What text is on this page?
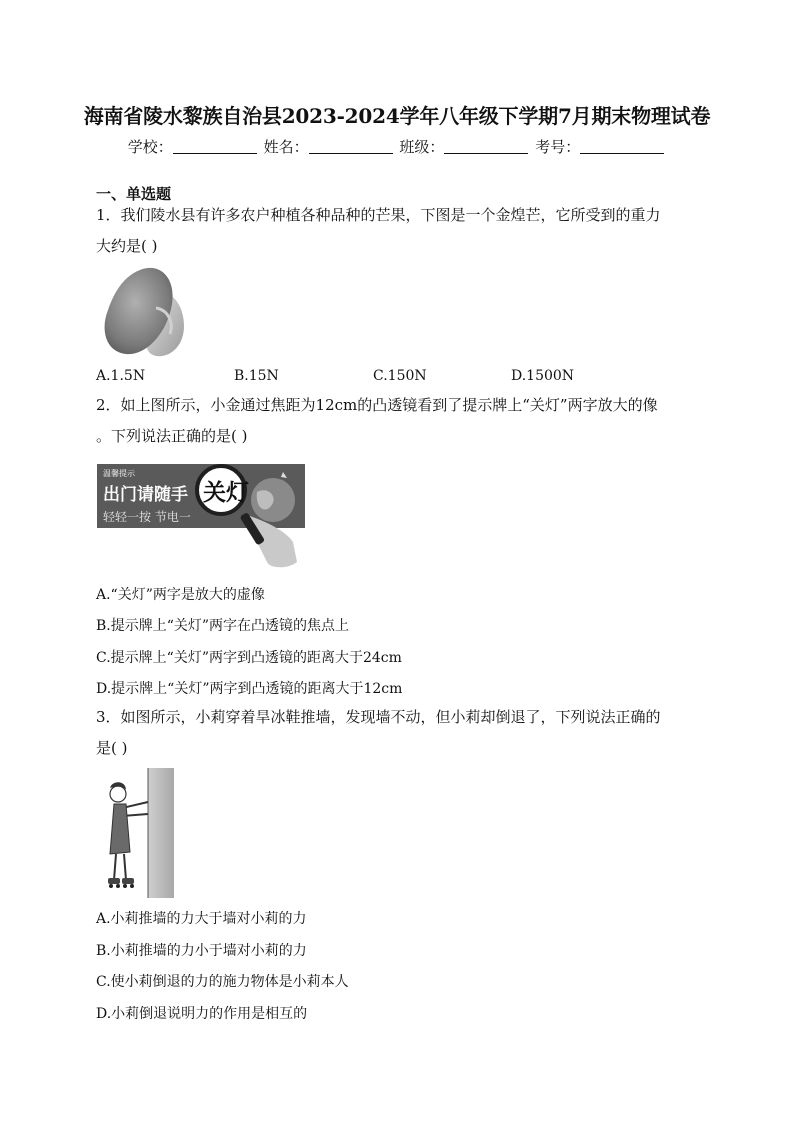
海南省陵水黎族自治县2023-2024学年八年级下学期7月期末物理试卷
学校：	姓名：	班级：	考号：
一、单选题
1．我们陵水县有许多农户种植各种品种的芒果，下图是一个金煌芒，它所受到的重力
大约是( )
A.1.5N	B.15N	C.150N	D.1500N
2．如上图所示，小金通过焦距为12cm的凸透镜看到了提示牌上“关灯”两字放大的像
。下列说法正确的是( )
温馨提示
出门请随手
轻轻一按 节电一
关灯
A.“关灯”两字是放大的虚像
B.提示牌上“关灯”两字在凸透镜的焦点上
C.提示牌上“关灯”两字到凸透镜的距离大于24cm
D.提示牌上“关灯”两字到凸透镜的距离大于12cm
3．如图所示，小莉穿着旱冰鞋推墙，发现墙不动，但小莉却倒退了，下列说法正确的
是( )
A.小莉推墙的力大于墙对小莉的力
B.小莉推墙的力小于墙对小莉的力
C.使小莉倒退的力的施力物体是小莉本人
D.小莉倒退说明力的作用是相互的
